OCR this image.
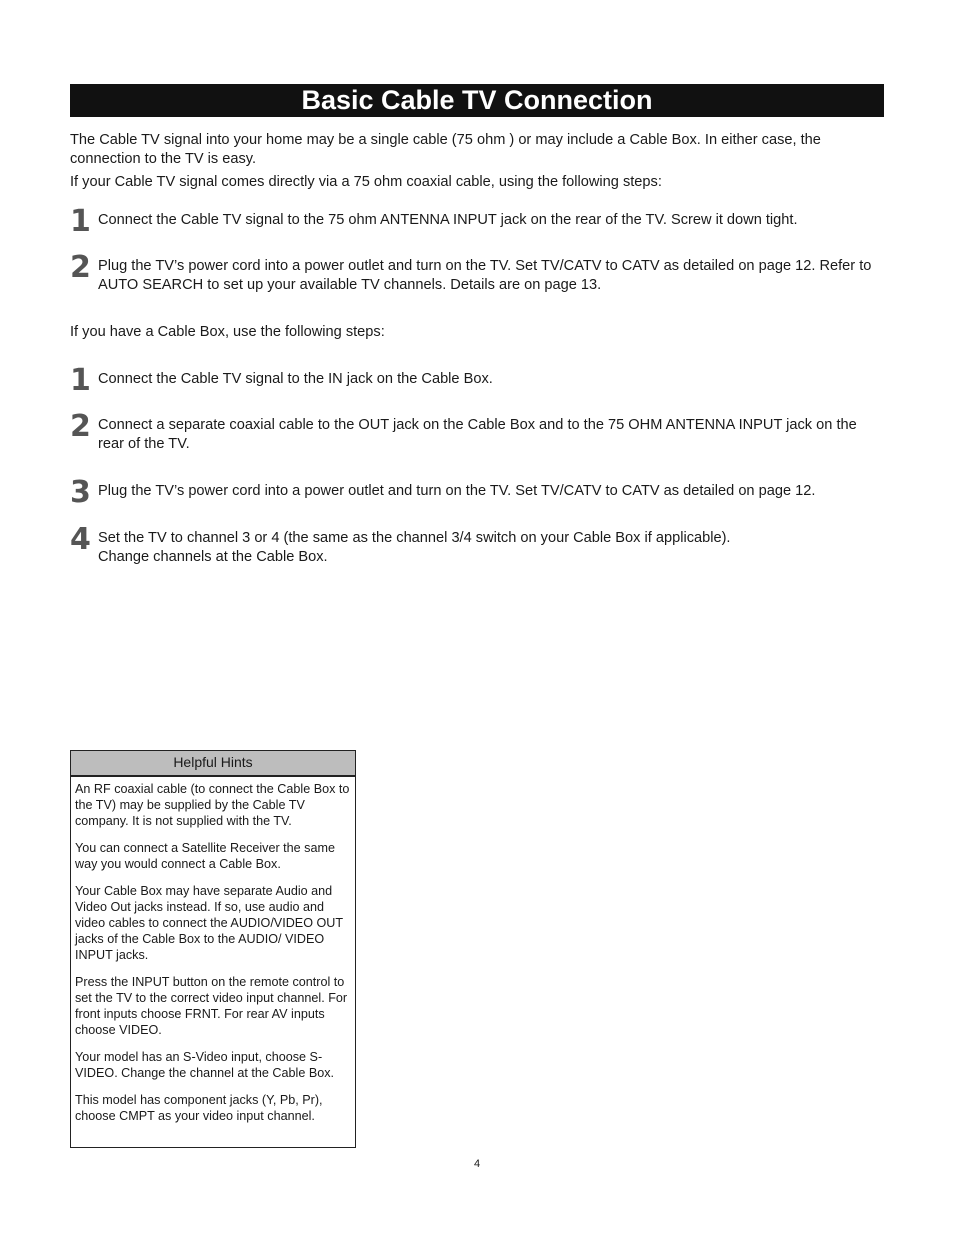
Basic Cable TV Connection

The Cable TV signal into your home may be a single cable (75 ohm ) or may include a Cable Box. In either case, the connection to the TV is easy.

If your Cable TV signal comes directly via a 75 ohm coaxial cable, using the following steps:

1 Connect the Cable TV signal to the 75 ohm ANTENNA INPUT jack on the rear of the TV. Screw it down tight.
2 Plug the TV’s power cord into a power outlet and turn on the TV. Set TV/CATV to CATV as detailed on page 12. Refer to AUTO SEARCH to set up your available TV channels. Details are on page 13.

If you have a Cable Box, use the following steps:

1 Connect the Cable TV signal to the IN jack on the Cable Box.
2 Connect a separate coaxial cable to the OUT jack on the Cable Box and to the 75 OHM ANTENNA INPUT jack on the rear of the TV.
3 Plug the TV’s power cord into a power outlet and turn on the TV. Set TV/CATV to CATV as detailed on page 12.
4 Set the TV to channel 3 or 4 (the same as the channel 3/4 switch on your Cable Box if applicable).
Change channels at the Cable Box.
Helpful Hints

An RF coaxial cable (to connect the Cable Box to the TV) may be supplied by the Cable TV company. It is not supplied with the TV.

You can connect a Satellite Receiver the same way you would connect a Cable Box.

Your Cable Box may have separate Audio and Video Out jacks instead. If so, use audio and video cables to connect the AUDIO/VIDEO OUT jacks of the Cable Box to the AUDIO/ VIDEO INPUT jacks.

Press the INPUT button on the remote control to set the TV to the correct video input channel. For front inputs choose FRNT. For rear AV inputs choose VIDEO.

Your model has an S-Video input, choose S-VIDEO. Change the channel at the Cable Box.

This model has component jacks (Y, Pb, Pr), choose CMPT as your video input channel.

4
